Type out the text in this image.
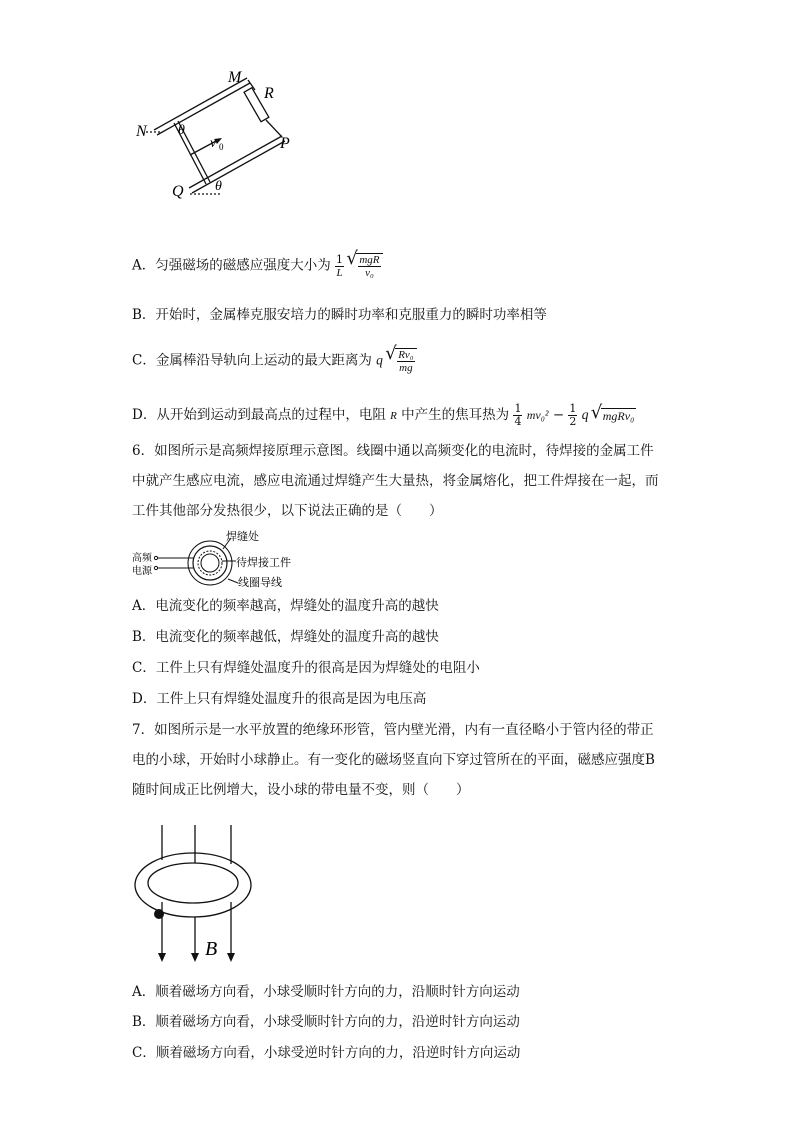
M
N
P
Q
R
θ
θ
v 0
A．匀强磁场的磁感应强度大小为 $\frac{1}{L}$
√ $\frac{\text{mgR}}{\text{v₀}}$
B．开始时，金属棒克服安培力的瞬时功率和克服重力的瞬时功率相等
C．金属棒沿导轨向上运动的最大距离为 q √ $\frac{\text{Rv₀}}{mg}$
D．从开始到运动到最高点的过程中，电阻 R 中产生的焦耳热为 $\frac{1}{4} mv_0^2 - \frac{1}{2}$ q √ mgRv₀
6．如图所示是高频焊接原理示意图。线圈中通以高频变化的电流时，待焊接的金属工件中就产生感应电流，感应电流通过焊缝产生大量热，将金属熔化，把工件焊接在一起，而工件其他部分发热很少，以下说法正确的是（　　）
焊缝处
高频
电源
待焊接工件
线圈导线
A．电流变化的频率越高，焊缝处的温度升高的越快
B．电流变化的频率越低，焊缝处的温度升高的越快
C．工件上只有焊缝处温度升的很高是因为焊缝处的电阻小
D．工件上只有焊缝处温度升的很高是因为电压高
7．如图所示是一水平放置的绝缘环形管，管内壁光滑，内有一直径略小于管内径的带正电的小球，开始时小球静止。有一变化的磁场竖直向下穿过管所在的平面，磁感应强度B随时间成正比例增大，设小球的带电量不变，则（　　）
B
A．顺着磁场方向看，小球受顺时针方向的力，沿顺时针方向运动
B．顺着磁场方向看，小球受顺时针方向的力，沿逆时针方向运动
C．顺着磁场方向看，小球受逆时针方向的力，沿逆时针方向运动
